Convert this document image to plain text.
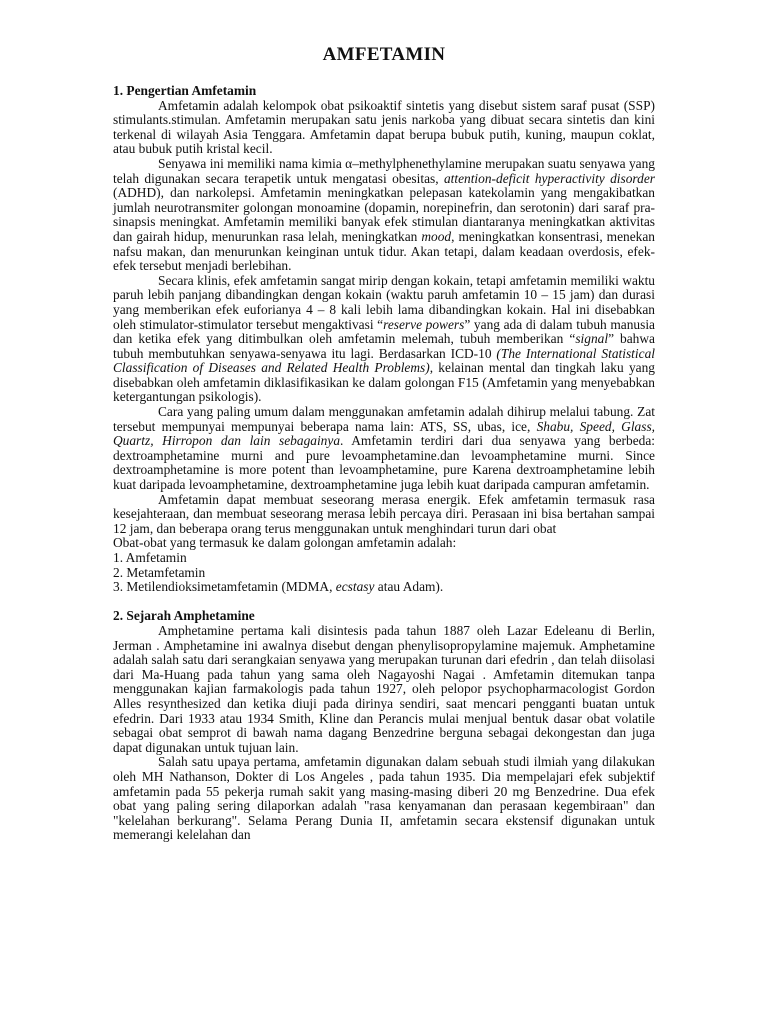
AMFETAMIN
1. Pengertian Amfetamin

Amfetamin adalah kelompok obat psikoaktif sintetis yang disebut sistem saraf pusat (SSP) stimulants.stimulan. Amfetamin merupakan satu jenis narkoba yang dibuat secara sintetis dan kini terkenal di wilayah Asia Tenggara. Amfetamin dapat berupa bubuk putih, kuning, maupun coklat, atau bubuk putih kristal kecil.

Senyawa ini memiliki nama kimia α–methylphenethylamine merupakan suatu senyawa yang telah digunakan secara terapetik untuk mengatasi obesitas, attention-deficit hyperactivity disorder (ADHD), dan narkolepsi. Amfetamin meningkatkan pelepasan katekolamin yang mengakibatkan jumlah neurotransmiter golongan monoamine (dopamin, norepinefrin, dan serotonin) dari saraf pra-sinapsis meningkat. Amfetamin memiliki banyak efek stimulan diantaranya meningkatkan aktivitas dan gairah hidup, menurunkan rasa lelah, meningkatkan mood, meningkatkan konsentrasi, menekan nafsu makan, dan menurunkan keinginan untuk tidur. Akan tetapi, dalam keadaan overdosis, efek-efek tersebut menjadi berlebihan.

Secara klinis, efek amfetamin sangat mirip dengan kokain, tetapi amfetamin memiliki waktu paruh lebih panjang dibandingkan dengan kokain (waktu paruh amfetamin 10 – 15 jam) dan durasi yang memberikan efek euforianya 4 – 8 kali lebih lama dibandingkan kokain. Hal ini disebabkan oleh stimulator-stimulator tersebut mengaktivasi “reserve powers” yang ada di dalam tubuh manusia dan ketika efek yang ditimbulkan oleh amfetamin melemah, tubuh memberikan “signal” bahwa tubuh membutuhkan senyawa-senyawa itu lagi. Berdasarkan ICD-10 (The International Statistical Classification of Diseases and Related Health Problems), kelainan mental dan tingkah laku yang disebabkan oleh amfetamin diklasifikasikan ke dalam golongan F15 (Amfetamin yang menyebabkan ketergantungan psikologis).

Cara yang paling umum dalam menggunakan amfetamin adalah dihirup melalui tabung. Zat tersebut mempunyai mempunyai beberapa nama lain: ATS, SS, ubas, ice, Shabu, Speed, Glass, Quartz, Hirropon dan lain sebagainya. Amfetamin terdiri dari dua senyawa yang berbeda: dextroamphetamine murni and pure levoamphetamine.dan levoamphetamine murni. Since dextroamphetamine is more potent than levoamphetamine, pure Karena dextroamphetamine lebih kuat daripada levoamphetamine, dextroamphetamine juga lebih kuat daripada campuran amfetamin.

Amfetamin dapat membuat seseorang merasa energik. Efek amfetamin termasuk rasa kesejahteraan, dan membuat seseorang merasa lebih percaya diri. Perasaan ini bisa bertahan sampai 12 jam, dan beberapa orang terus menggunakan untuk menghindari turun dari obat

Obat-obat yang termasuk ke dalam golongan amfetamin adalah:

1. Amfetamin
2. Metamfetamin
3. Metilendioksimetamfetamin (MDMA, ecstasy atau Adam).
2. Sejarah Amphetamine

Amphetamine pertama kali disintesis pada tahun 1887 oleh Lazar Edeleanu di Berlin, Jerman . Amphetamine ini awalnya disebut dengan phenylisopropylamine majemuk. Amphetamine adalah salah satu dari serangkaian senyawa yang merupakan turunan dari efedrin , dan telah diisolasi dari Ma-Huang pada tahun yang sama oleh Nagayoshi Nagai . Amfetamin ditemukan tanpa menggunakan kajian farmakologis pada tahun 1927, oleh pelopor psychopharmacologist Gordon Alles resynthesized dan ketika diuji pada dirinya sendiri, saat mencari pengganti buatan untuk efedrin. Dari 1933 atau 1934 Smith, Kline dan Perancis mulai menjual bentuk dasar obat volatile sebagai obat semprot di bawah nama dagang Benzedrine berguna sebagai dekongestan dan juga dapat digunakan untuk tujuan lain.

Salah satu upaya pertama, amfetamin digunakan dalam sebuah studi ilmiah yang dilakukan oleh MH Nathanson, Dokter di Los Angeles , pada tahun 1935. Dia mempelajari efek subjektif amfetamin pada 55 pekerja rumah sakit yang masing-masing diberi 20 mg Benzedrine. Dua efek obat yang paling sering dilaporkan adalah "rasa kenyamanan dan perasaan kegembiraan" dan "kelelahan berkurang". Selama Perang Dunia II, amfetamin secara ekstensif digunakan untuk memerangi kelelahan dan
